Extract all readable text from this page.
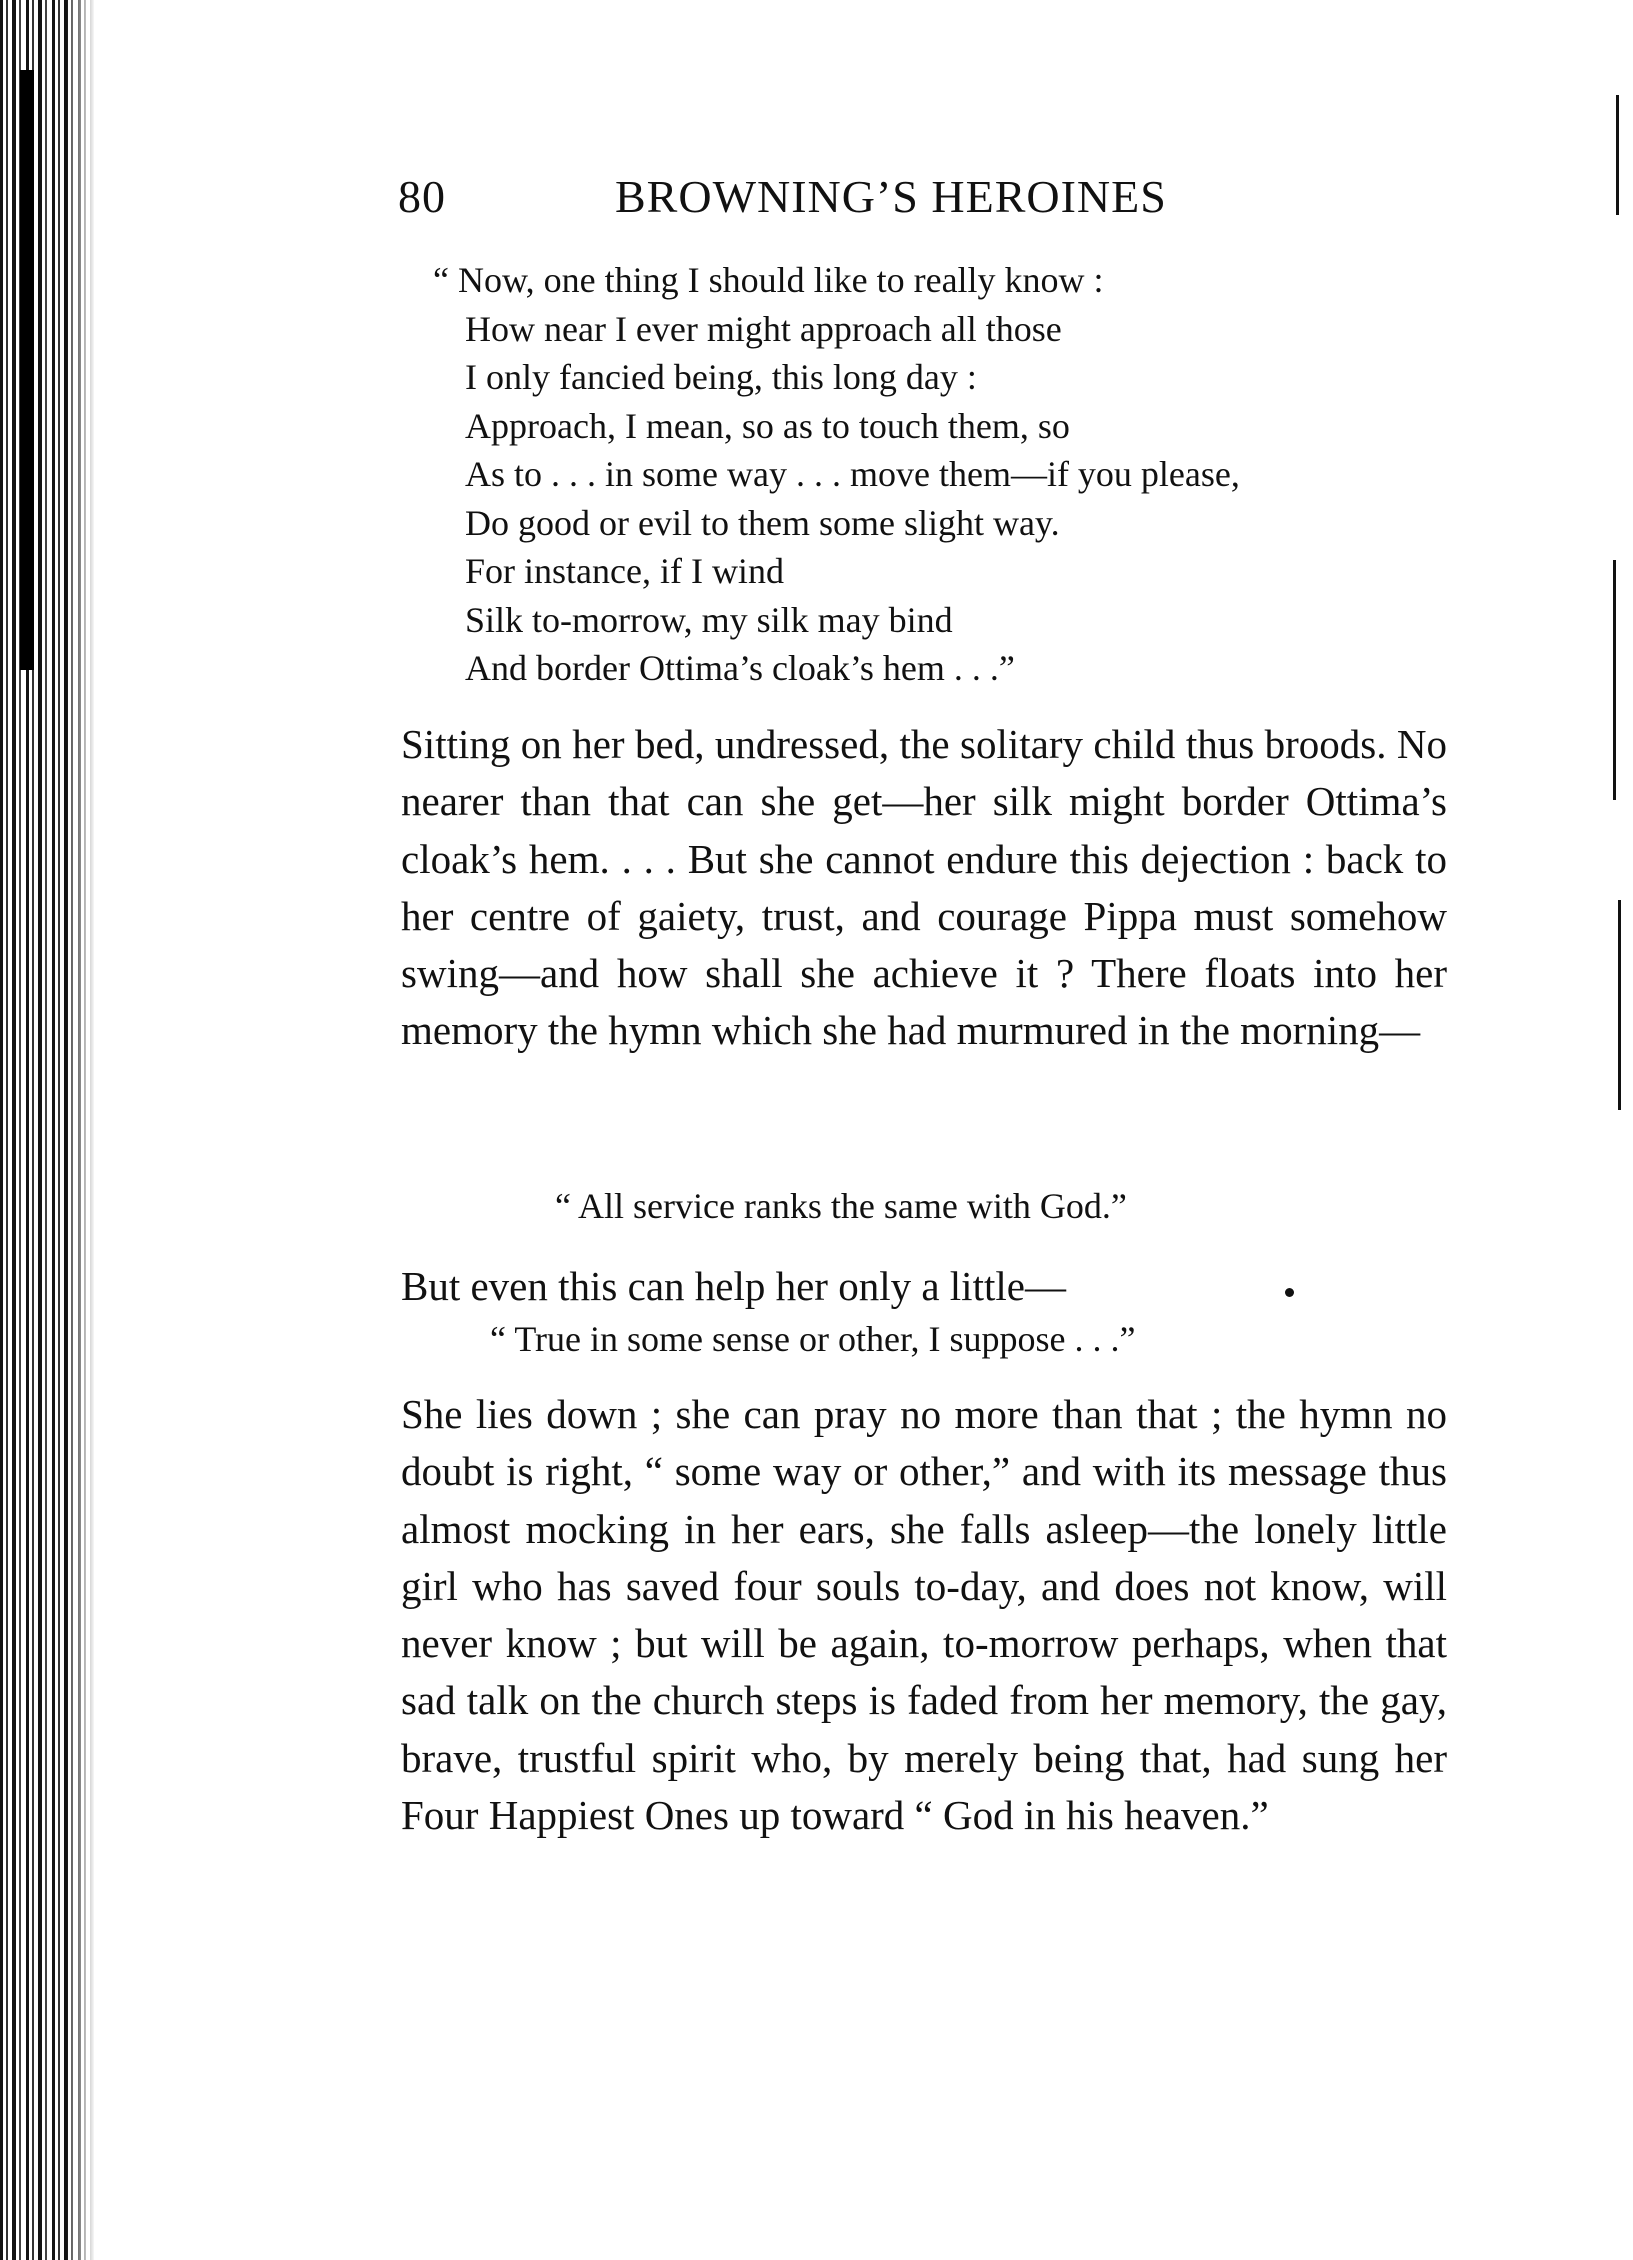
80	BROWNING’S HEROINES
“ Now, one thing I should like to really know :
How near I ever might approach all those
I only fancied being, this long day :
Approach, I mean, so as to touch them, so
As to . . . in some way . . . move them—if you please,
Do good or evil to them some slight way.
For instance, if I wind
Silk to-morrow, my silk may bind
And border Ottima’s cloak’s hem . . .”
Sitting on her bed, undressed, the solitary child thus broods. No nearer than that can she get—her silk might border Ottima’s cloak’s hem. . . . But she cannot endure this dejection : back to her centre of gaiety, trust, and courage Pippa must somehow swing—and how shall she achieve it ? There floats into her memory the hymn which she had murmured in the morning—
“ All service ranks the same with God.”
But even this can help her only a little—
“ True in some sense or other, I suppose . . .”
She lies down ; she can pray no more than that ; the hymn no doubt is right, “ some way or other,” and with its message thus almost mocking in her ears, she falls asleep—the lonely little girl who has saved four souls to-day, and does not know, will never know ; but will be again, to-morrow perhaps, when that sad talk on the church steps is faded from her memory, the gay, brave, trustful spirit who, by merely being that, had sung her Four Happiest Ones up toward “ God in his heaven.”
